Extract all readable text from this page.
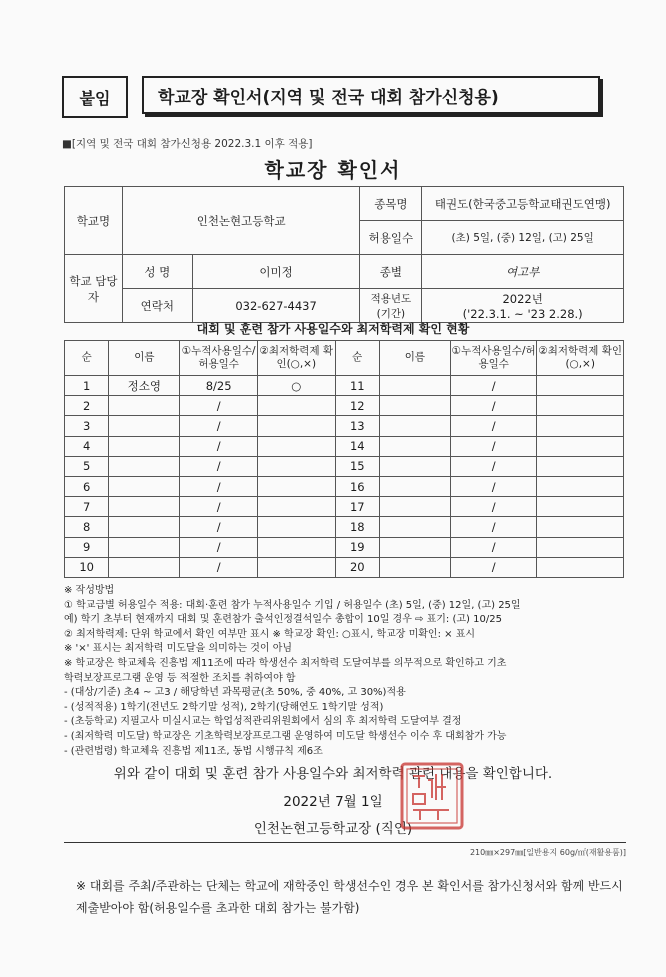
붙임	학교장 확인서(지역 및 전국 대회 참가신청용)
■[지역 및 전국 대회 참가신청용 2022.3.1 이후 적용]
학교장 확인서
학교명	인천논현고등학교		종목명	태권도(한국중고등학교태권도연맹)
			허용일수	(초) 5일, (중) 12일, (고) 25일
학교 담당자	성 명	이미정	종별	여고부
	연락처	032-627-4437	적용년도 (기간)	2022년
('22.3.1. ~ '23 2.28.)
대회 및 훈련 참가 사용일수와 최저학력제 확인 현황
순	이름	①누적사용일수/허용일수	②최저학력제 확인(○,×)	순	이름	①누적사용일수/허용일수	②최저학력제 확인(○,×)
1	정소영	8/25	○	11		/	
2		/		12		/	
3		/		13		/	
4		/		14		/	
5		/		15		/	
6		/		16		/	
7		/		17		/	
8		/		18		/	
9		/		19		/	
10		/		20		/	
※ 작성방법
① 학교급별 허용일수 적용: 대회·훈련 참가 누적사용일수 기입 / 허용일수 (초) 5일, (중) 12일, (고) 25일
예) 학기 초부터 현재까지 대회 및 훈련참가 출석인정결석일수 총합이 10일 경우 ⇨ 표기: (고) 10/25
② 최저학력제: 단위 학교에서 확인 여부만 표시 ※ 학교장 확인: ○표시, 학교장 미확인: × 표시
※ '×' 표시는 최저학력 미도달을 의미하는 것이 아님
※ 학교장은 학교체육 진흥법 제11조에 따라 학생선수 최저학력 도달여부를 의무적으로 확인하고 기초
학력보장프로그램 운영 등 적절한 조치를 취하여야 함
- (대상/기준) 초4 ~ 고3 / 해당학년 과목평균(초 50%, 중 40%, 고 30%)적용
- (성적적용) 1학기(전년도 2학기말 성적), 2학기(당해연도 1학기말 성적)
- (초등학교) 지필고사 미실시교는 학업성적관리위원회에서 심의 후 최저학력 도달여부 결정
- (최저학력 미도달) 학교장은 기초학력보장프로그램 운영하여 미도달 학생선수 이수 후 대회참가 가능
- (관련법령) 학교체육 진흥법 제11조, 동법 시행규칙 제6조
위와 같이 대회 및 훈련 참가 사용일수와 최저학력 관련 내용을 확인합니다.
2022년 7월 1일
인천논현고등학교장 (직인)
210㎜×297㎜[일반용지 60g/㎡(재활용품)]
※ 대회를 주최/주관하는 단체는 학교에 재학중인 학생선수인 경우 본 확인서를 참가신청서와 함께 반드시 제출받아야 함(허용일수를 초과한 대회 참가는 불가함)
